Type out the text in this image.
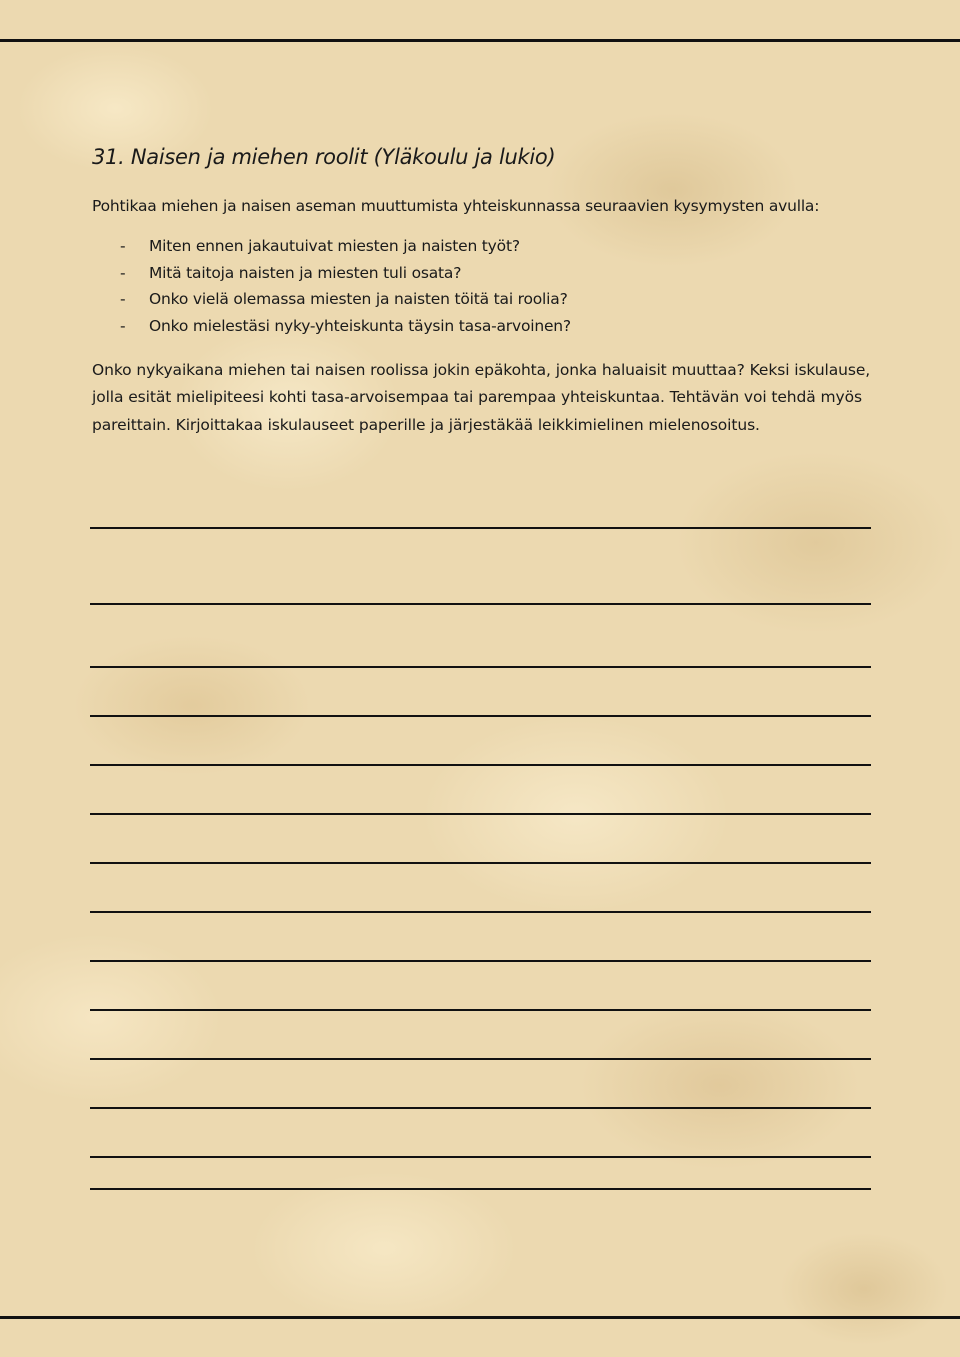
31. Naisen ja miehen roolit (Yläkoulu ja lukio)

Pohtikaa miehen ja naisen aseman muuttumista yhteiskunnassa seuraavien kysymysten avulla:

- Miten ennen jakautuivat miesten ja naisten työt?
- Mitä taitoja naisten ja miesten tuli osata?
- Onko vielä olemassa miesten ja naisten töitä tai roolia?
- Onko mielestäsi nyky-yhteiskunta täysin tasa-arvoinen?

Onko nykyaikana miehen tai naisen roolissa jokin epäkohta, jonka haluaisit muuttaa? Keksi iskulause, jolla esität mielipiteesi kohti tasa-arvoisempaa tai parempaa yhteiskuntaa. Tehtävän voi tehdä myös pareittain. Kirjoittakaa iskulauseet paperille ja järjestäkää leikkimielinen mielenosoitus.
